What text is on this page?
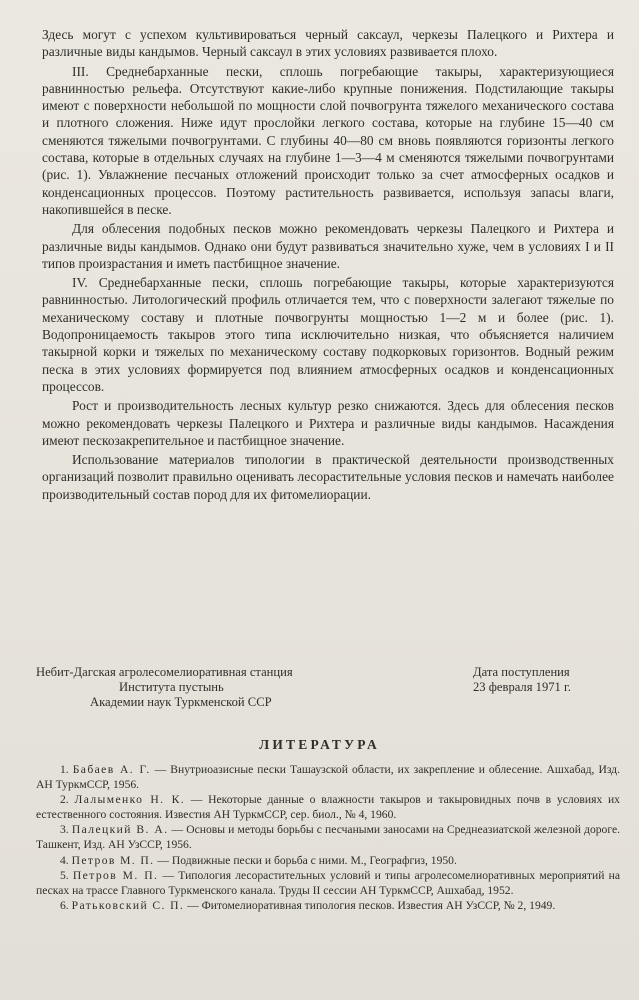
Здесь могут с успехом культивироваться черный саксаул, черкезы Палецкого и Рихтера и различные виды кандымов. Черный саксаул в этих условиях развивается плохо.

III. Среднебарханные пески, сплошь погребающие такыры, характеризующиеся равнинностью рельефа. Отсутствуют какие-либо крупные понижения. Подстилающие такыры имеют с поверхности небольшой по мощности слой почвогрунта тяжелого механического состава и плотного сложения. Ниже идут прослойки легкого состава, которые на глубине 15—40 см сменяются тяжелыми почвогрунтами. С глубины 40—80 см вновь появляются горизонты легкого состава, которые в отдельных случаях на глубине 1—3—4 м сменяются тяжелыми почвогрунтами (рис. 1). Увлажнение песчаных отложений происходит только за счет атмосферных осадков и конденсационных процессов. Поэтому растительность развивается, используя запасы влаги, накопившейся в песке.

Для облесения подобных песков можно рекомендовать черкезы Палецкого и Рихтера и различные виды кандымов. Однако они будут развиваться значительно хуже, чем в условиях I и II типов произрастания и иметь пастбищное значение.

IV. Среднебарханные пески, сплошь погребающие такыры, которые характеризуются равнинностью. Литологический профиль отличается тем, что с поверхности залегают тяжелые по механическому составу и плотные почвогрунты мощностью 1—2 м и более (рис. 1). Водопроницаемость такыров этого типа исключительно низкая, что объясняется наличием такырной корки и тяжелых по механическому составу подкорковых горизонтов. Водный режим песка в этих условиях формируется под влиянием атмосферных осадков и конденсационных процессов.

Рост и производительность лесных культур резко снижаются. Здесь для облесения песков можно рекомендовать черкезы Палецкого и Рихтера и различные виды кандымов. Насаждения имеют пескозакрепительное и пастбищное значение.

Использование материалов типологии в практической деятельности производственных организаций позволит правильно оценивать лесорастительные условия песков и намечать наиболее производительный состав пород для их фитомелиорации.

Небит-Дагская агролесомелиоративная станция
Института пустынь
Академии наук Туркменской ССР
Дата поступления
23 февраля 1971 г.
ЛИТЕРАТУРА

1. Бабаев А. Г. — Внутриоазисные пески Ташаузской области, их закрепление и облесение. Ашхабад, Изд. АН ТуркмССР, 1956.

2. Лалыменко Н. К. — Некоторые данные о влажности такыров и такыровидных почв в условиях их естественного состояния. Известия АН ТуркмССР, сер. биол., № 4, 1960.

3. Палецкий В. А. — Основы и методы борьбы с песчаными заносами на Среднеазиатской железной дороге. Ташкент, Изд. АН УзССР, 1956.

4. Петров М. П. — Подвижные пески и борьба с ними. М., Географгиз, 1950.

5. Петров М. П. — Типология лесорастительных условий и типы агролесомелиоративных мероприятий на песках на трассе Главного Туркменского канала. Труды II сессии АН ТуркмССР, Ашхабад, 1952.

6. Ратьковский С. П. — Фитомелиоративная типология песков. Известия АН УзССР, № 2, 1949.
